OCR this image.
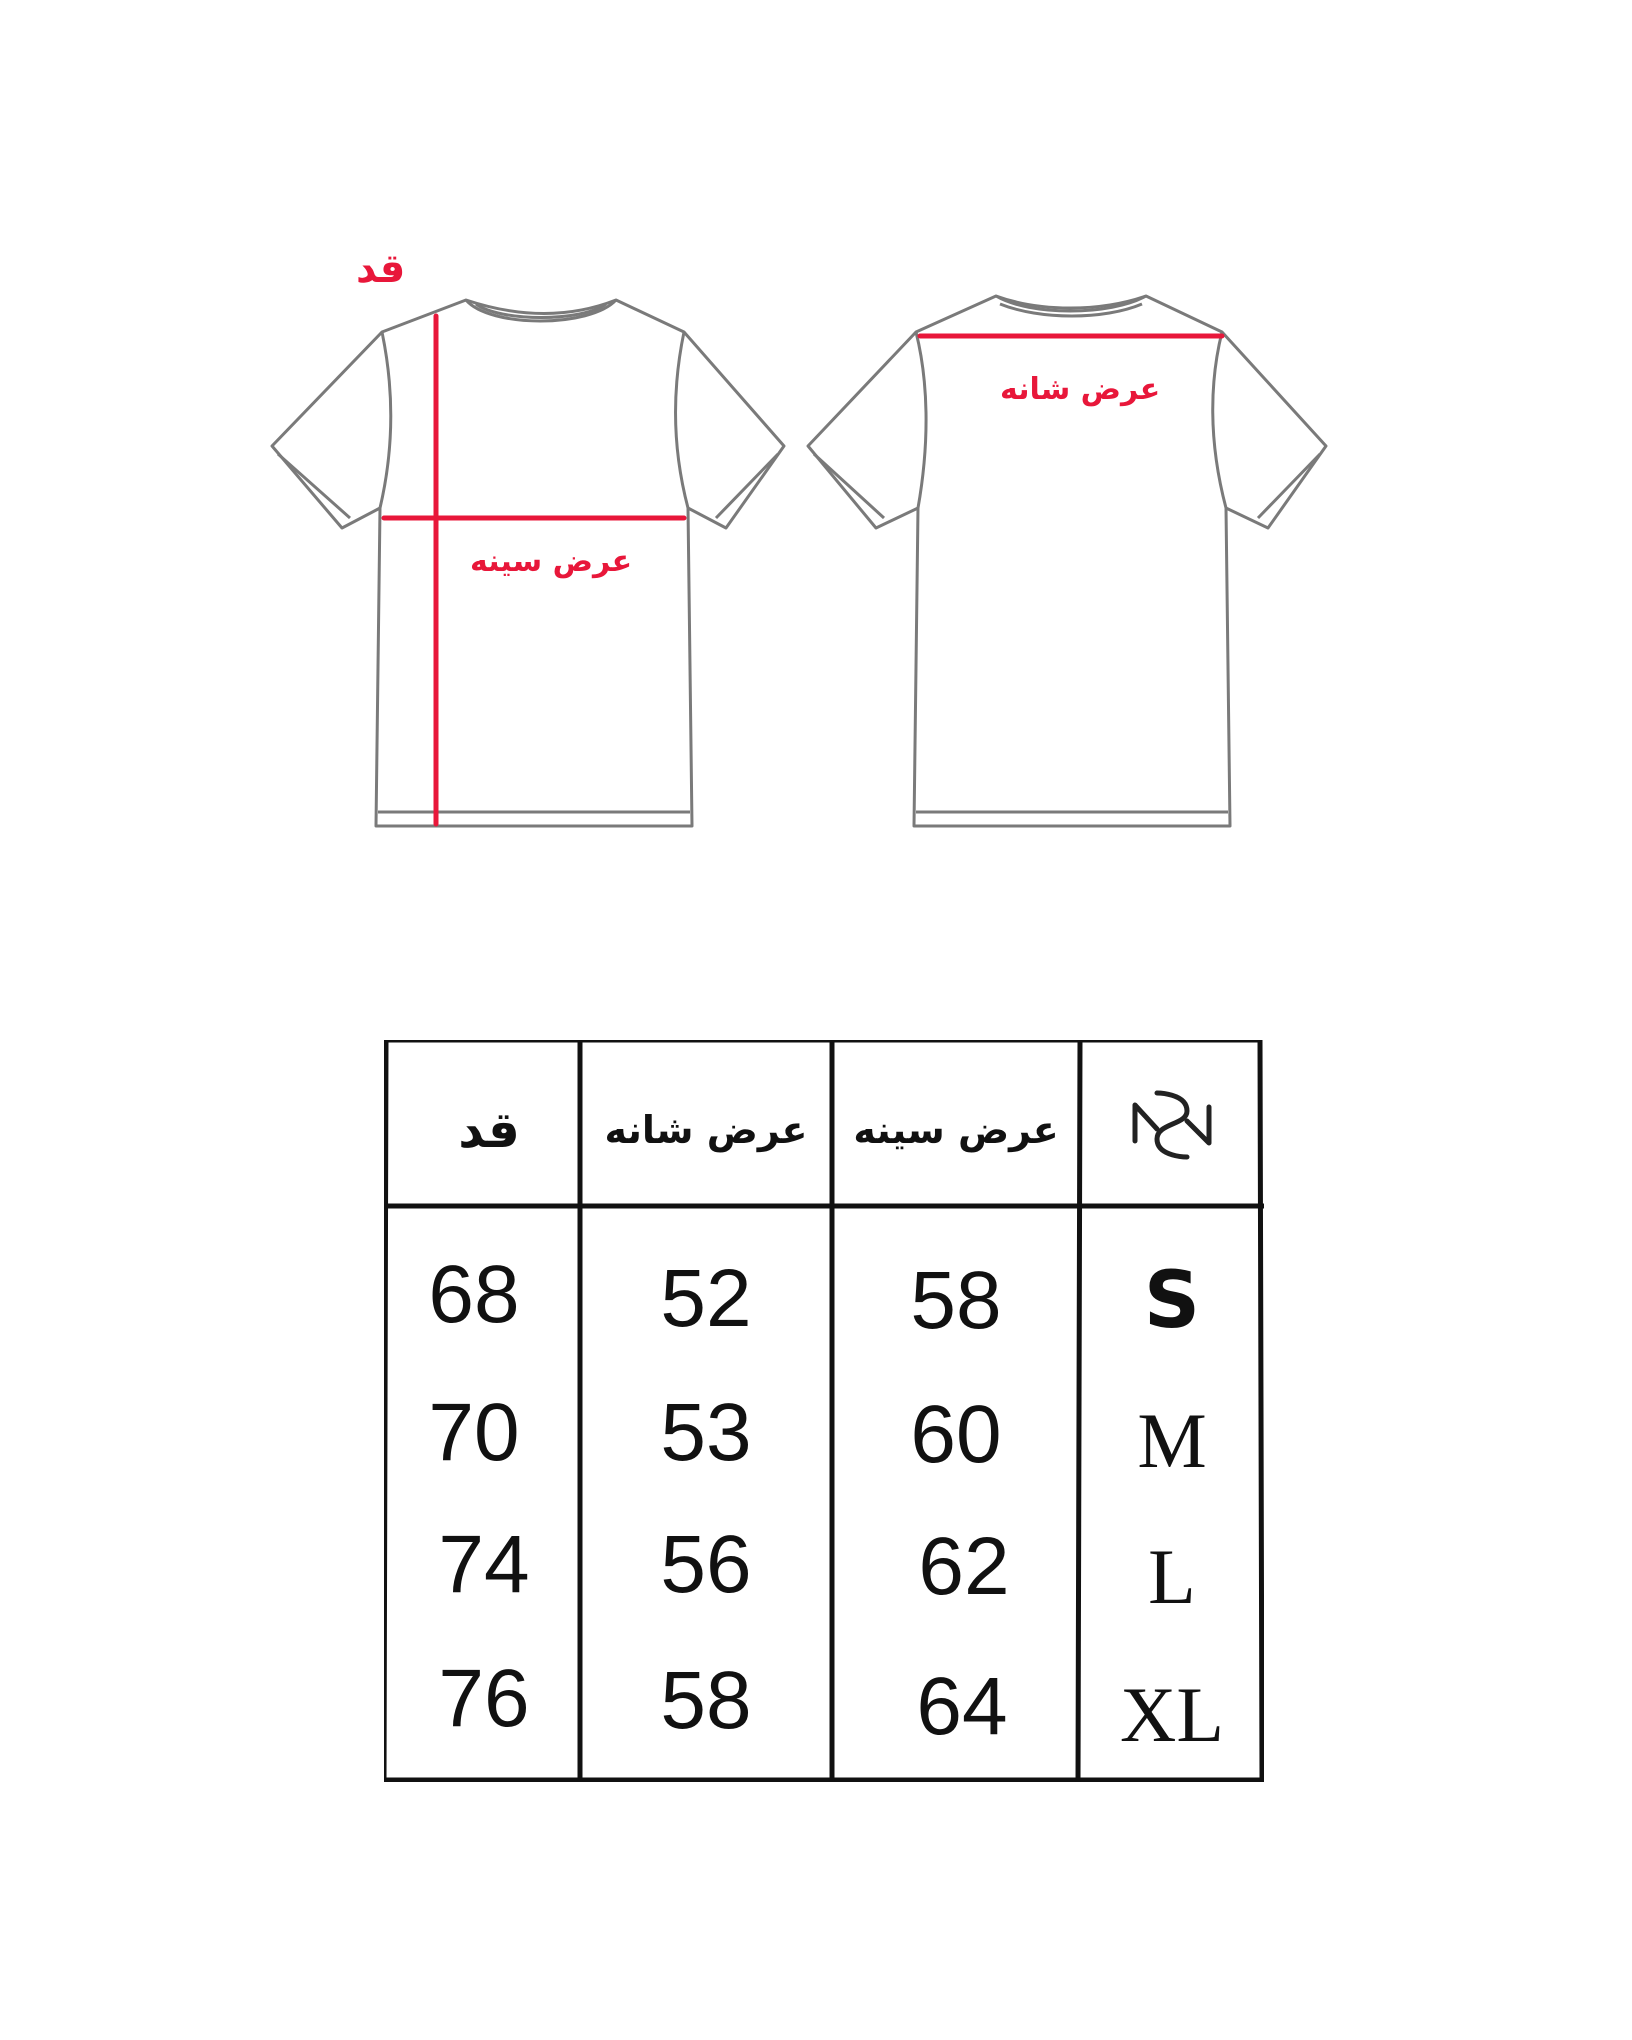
قد
عرض سینه
عرض شانه
قد	عرض شانه	عرض سینه
68	52	58	S
70	53	60	M
74	56	62	L
76	58	64	XL
